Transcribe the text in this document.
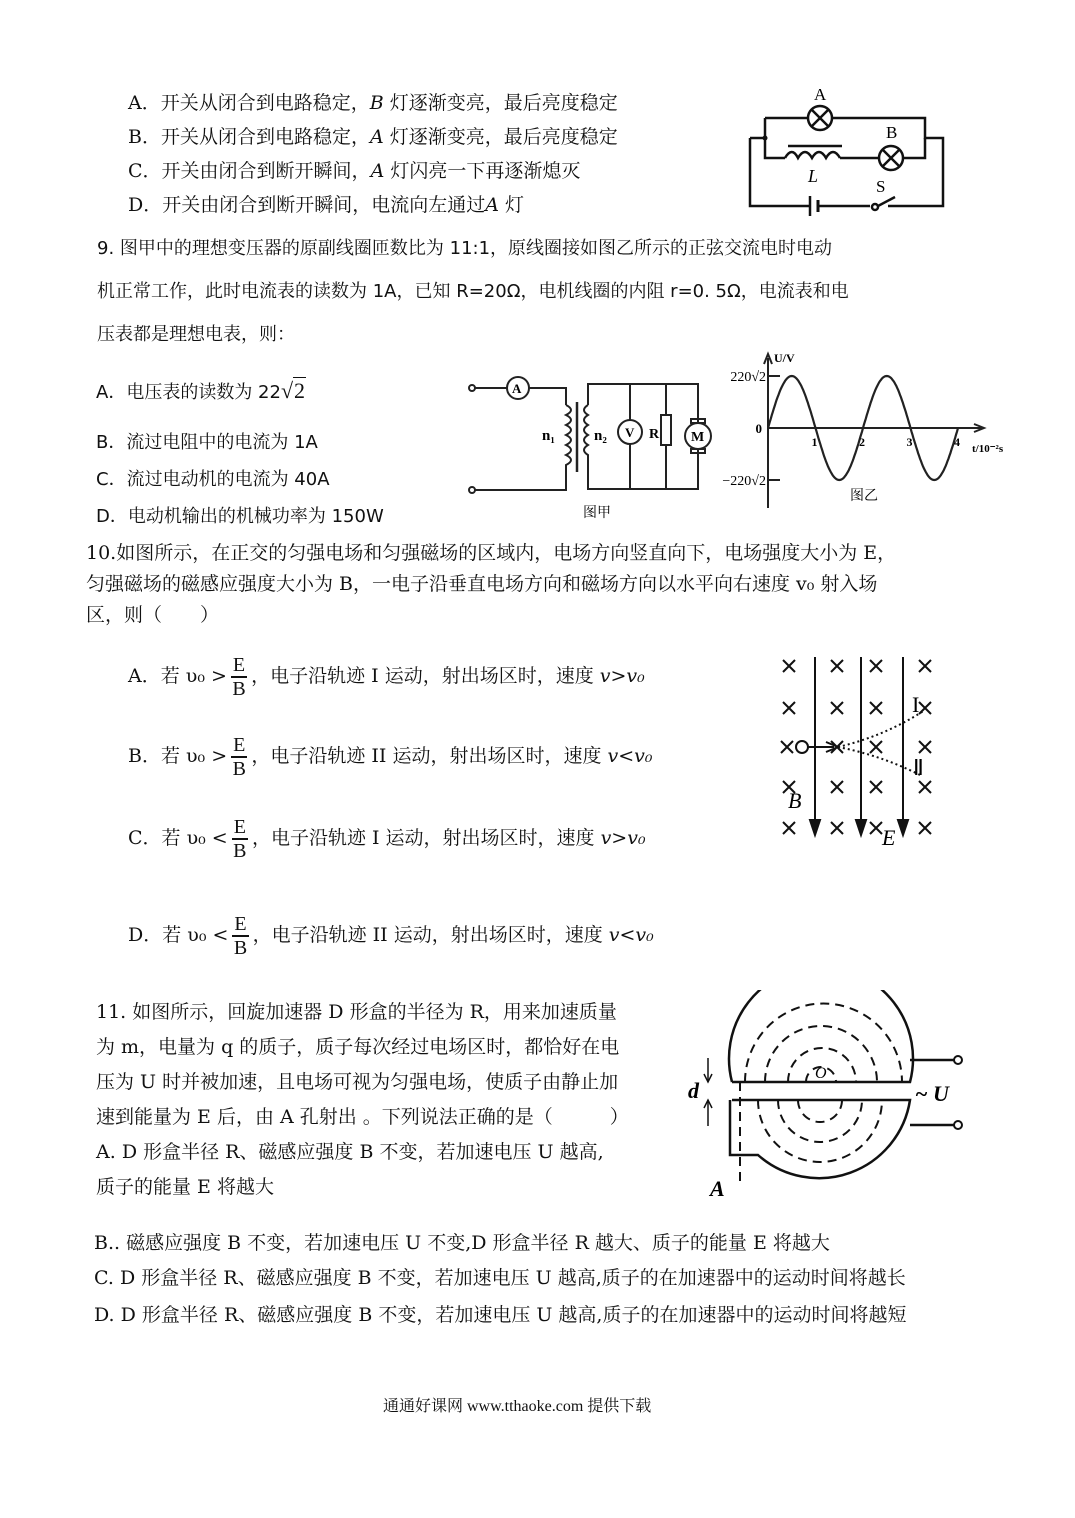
A．开关从闭合到电路稳定，B 灯逐渐变亮，最后亮度稳定
B．开关从闭合到电路稳定，A 灯逐渐变亮，最后亮度稳定
C．开关由闭合到断开瞬间，A 灯闪亮一下再逐渐熄灭
D．开关由闭合到断开瞬间，电流向左通过A 灯
A
B
L
S
9. 图甲中的理想变压器的原副线圈匝数比为 11:1，原线圈接如图乙所示的正弦交流电时电动
机正常工作，此时电流表的读数为 1A，已知 R=20Ω，电机线圈的内阻 r=0. 5Ω，电流表和电
压表都是理想电表，则：
A．电压表的读数为 22√2
B．流过电阻中的电流为 1A
C．流过电动机的电流为 40A
D．电动机输出的机械功率为 150W
A
n₁	n₂ V R M
图甲
U/V
t/10⁻²s
220√2
0
−220√2
1	2	3	4
图乙
10.如图所示，在正交的匀强电场和匀强磁场的区域内，电场方向竖直向下，电场强度大小为 E，
匀强磁场的磁感应强度大小为 B，一电子沿垂直电场方向和磁场方向以水平向右速度 v₀ 射入场
区，则（　　）
A．若 $\upsilon_0 > \frac{E}{B}$ ，电子沿轨迹 I 运动，射出场区时，速度 v>v₀
B．若 $\upsilon_0 > \frac{E}{B}$ ，电子沿轨迹 II 运动，射出场区时，速度 v<v₀
C．若 $\upsilon_0 < \frac{E}{B}$ ，电子沿轨迹 I 运动，射出场区时，速度 v>v₀
D．若 $\upsilon_0 < \frac{E}{B}$ ，电子沿轨迹 II 运动，射出场区时，速度 v<v₀
I
Ⅱ
B
E
11. 如图所示，回旋加速器 D 形盒的半径为 R，用来加速质量
为 m，电量为 q 的质子，质子每次经过电场区时，都恰好在电
压为 U 时并被加速，且电场可视为匀强电场，使质子由静止加
速到能量为 E 后，由 A 孔射出 。下列说法正确的是（　　　）
A. D 形盒半径 R、磁感应强度 B 不变，若加速电压 U 越高,
质子的能量 E 将越大
B.. 磁感应强度 B 不变，若加速电压 U 不变,D 形盒半径 R 越大、质子的能量 E 将越大
C. D 形盒半径 R、磁感应强度 B 不变，若加速电压 U 越高,质子的在加速器中的运动时间将越长
D. D 形盒半径 R、磁感应强度 B 不变，若加速电压 U 越高,质子的在加速器中的运动时间将越短
d	~ U
O
A
通通好课网 www.tthaoke.com 提供下载
